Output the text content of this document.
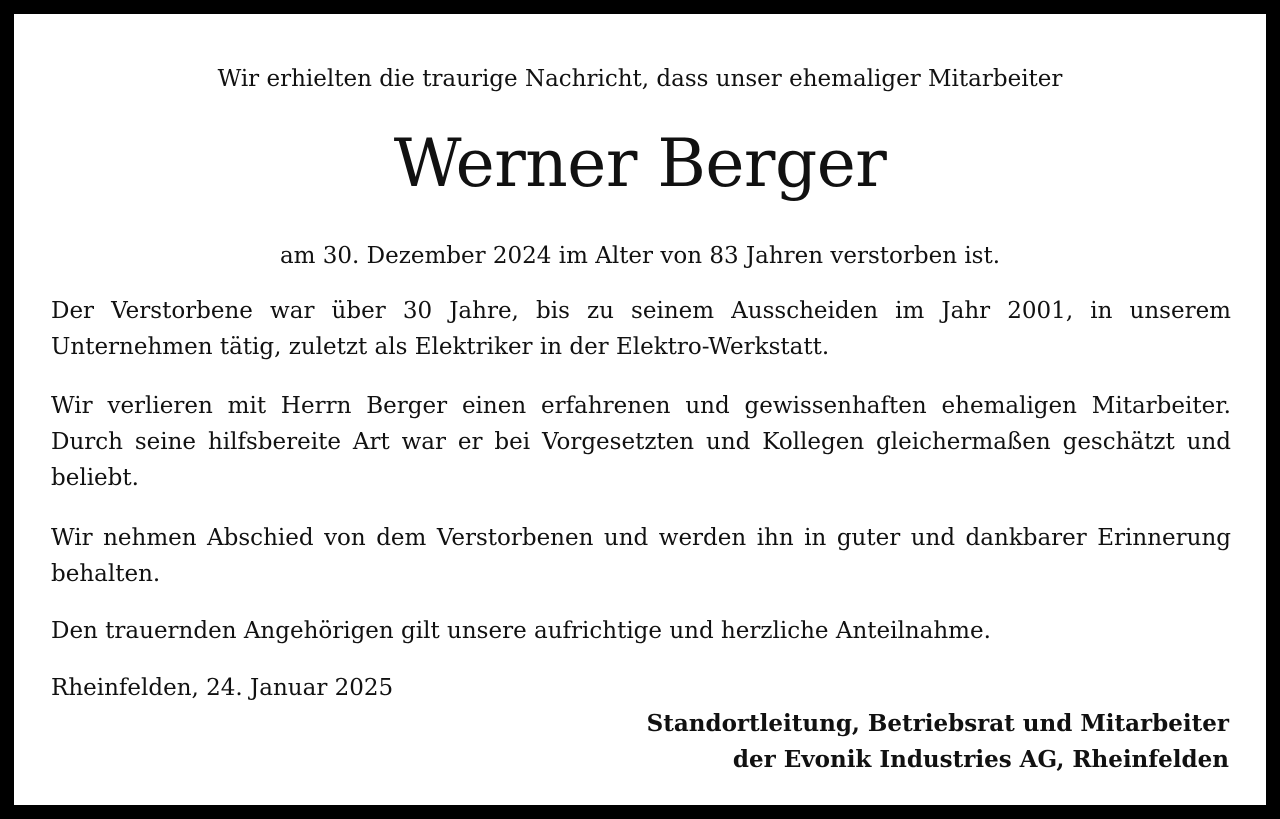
Wir erhielten die traurige Nachricht, dass unser ehemaliger Mitarbeiter
Werner Berger
am 30. Dezember 2024 im Alter von 83 Jahren verstorben ist.
Der Verstorbene war über 30 Jahre, bis zu seinem Ausscheiden im Jahr 2001, in unserem Unternehmen tätig, zuletzt als Elektriker in der Elektro-Werkstatt.
Wir verlieren mit Herrn Berger einen erfahrenen und gewissenhaften ehemaligen Mitarbeiter. Durch seine hilfsbereite Art war er bei Vorgesetzten und Kollegen gleichermaßen geschätzt und beliebt.
Wir nehmen Abschied von dem Verstorbenen und werden ihn in guter und dankbarer Erinnerung behalten.
Den trauernden Angehörigen gilt unsere aufrichtige und herzliche Anteilnahme.
Rheinfelden, 24. Januar 2025
Standortleitung, Betriebsrat und Mitarbeiter
der Evonik Industries AG, Rheinfelden
